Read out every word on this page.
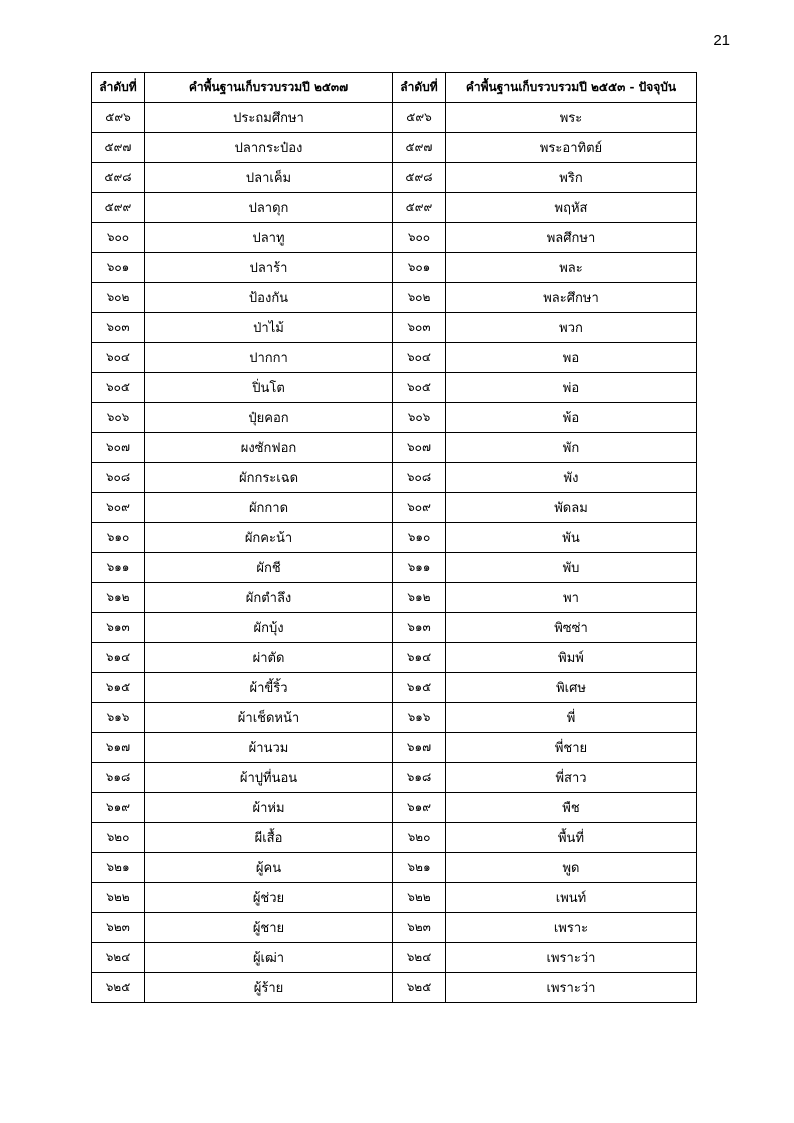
21
ลำดับที่	คำพื้นฐานเก็บรวบรวมปี ๒๕๓๗	ลำดับที่	คำพื้นฐานเก็บรวบรวมปี ๒๕๕๓ - ปัจจุบัน
๕๙๖	ประถมศึกษา	๕๙๖	พระ
๕๙๗	ปลากระป๋อง	๕๙๗	พระอาทิตย์
๕๙๘	ปลาเค็ม	๕๙๘	พริก
๕๙๙	ปลาดุก	๕๙๙	พฤหัส
๖๐๐	ปลาทู	๖๐๐	พลศึกษา
๖๐๑	ปลาร้า	๖๐๑	พละ
๖๐๒	ป้องกัน	๖๐๒	พละศึกษา
๖๐๓	ป่าไม้	๖๐๓	พวก
๖๐๔	ปากกา	๖๐๔	พอ
๖๐๕	ปิ่นโต	๖๐๕	พ่อ
๖๐๖	ปุ๋ยคอก	๖๐๖	พ้อ
๖๐๗	ผงซักฟอก	๖๐๗	พัก
๖๐๘	ผักกระเฉด	๖๐๘	พัง
๖๐๙	ผักกาด	๖๐๙	พัดลม
๖๑๐	ผักคะน้า	๖๑๐	พัน
๖๑๑	ผักชี	๖๑๑	พับ
๖๑๒	ผักตำลึง	๖๑๒	พา
๖๑๓	ผักบุ้ง	๖๑๓	พิซซ่า
๖๑๔	ผ่าตัด	๖๑๔	พิมพ์
๖๑๕	ผ้าขี้ริ้ว	๖๑๕	พิเศษ
๖๑๖	ผ้าเช็ดหน้า	๖๑๖	พี่
๖๑๗	ผ้านวม	๖๑๗	พี่ชาย
๖๑๘	ผ้าปูที่นอน	๖๑๘	พี่สาว
๖๑๙	ผ้าห่ม	๖๑๙	พืช
๖๒๐	ผีเสื้อ	๖๒๐	พื้นที่
๖๒๑	ผู้คน	๖๒๑	พูด
๖๒๒	ผู้ช่วย	๖๒๒	เพนท์
๖๒๓	ผู้ชาย	๖๒๓	เพราะ
๖๒๔	ผู้เฒ่า	๖๒๔	เพราะว่า
๖๒๕	ผู้ร้าย	๖๒๕	เพราะว่า
